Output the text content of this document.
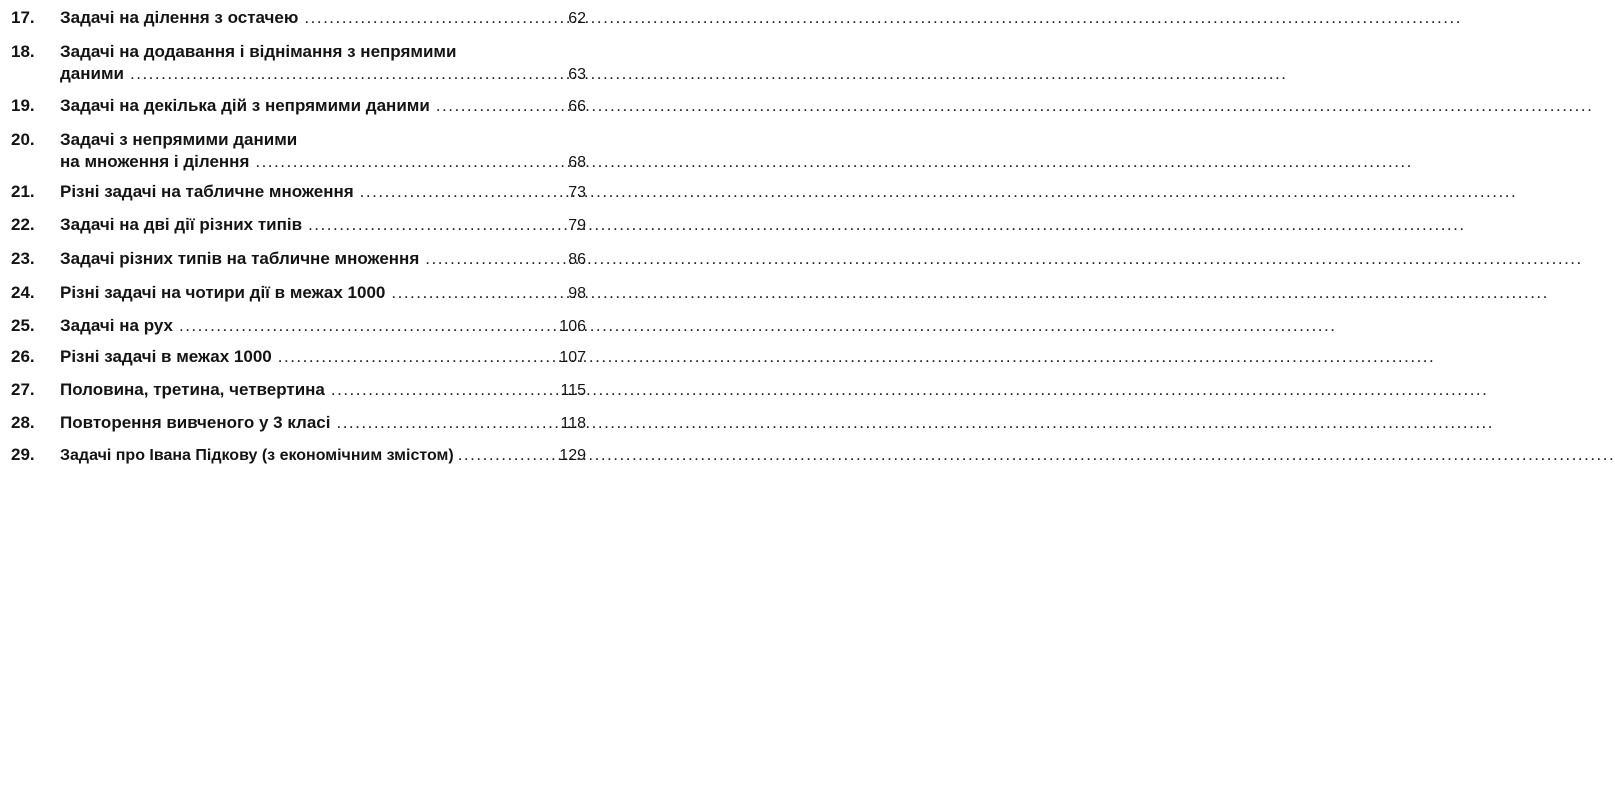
17. Задачі на ділення з остачею .....	62
18. Задачі на додавання і віднімання з непрямими
даними .....	63
19. Задачі на декілька дій з непрямими даними .....	66
20. Задачі з непрямими даними
на множення і ділення .....	68
21. Різні задачі на табличне множення .....	73
22. Задачі на дві дії різних типів .....	79
23. Задачі різних типів на табличне множення .....	86
24. Різні задачі на чотири дії в межах 1000 .....	98
25. Задачі на рух .....	106
26. Різні задачі в межах 1000 .....	107
27. Половина, третина, четвертина .....	115
28. Повторення вивченого у 3 класі .....	118
29. Задачі про Івана Підкову (з економічним змістом) .....	129
